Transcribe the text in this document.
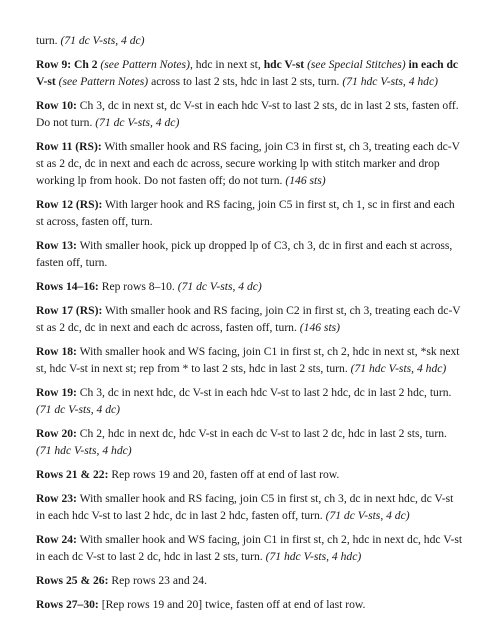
turn. (71 dc V-sts, 4 dc)

Row 9: Ch 2 (see Pattern Notes), hdc in next st, hdc V-st (see Special Stitches) in each dc V-st (see Pattern Notes) across to last 2 sts, hdc in last 2 sts, turn. (71 hdc V-sts, 4 hdc)

Row 10: Ch 3, dc in next st, dc V-st in each hdc V-st to last 2 sts, dc in last 2 sts, fasten off. Do not turn. (71 dc V-sts, 4 dc)

Row 11 (RS): With smaller hook and RS facing, join C3 in first st, ch 3, treating each dc-V st as 2 dc, dc in next and each dc across, secure working lp with stitch marker and drop working lp from hook. Do not fasten off; do not turn. (146 sts)

Row 12 (RS): With larger hook and RS facing, join C5 in first st, ch 1, sc in first and each st across, fasten off, turn.

Row 13: With smaller hook, pick up dropped lp of C3, ch 3, dc in first and each st across, fasten off, turn.

Rows 14–16: Rep rows 8–10. (71 dc V-sts, 4 dc)

Row 17 (RS): With smaller hook and RS facing, join C2 in first st, ch 3, treating each dc-V st as 2 dc, dc in next and each dc across, fasten off, turn. (146 sts)

Row 18: With smaller hook and WS facing, join C1 in first st, ch 2, hdc in next st, *sk next st, hdc V-st in next st; rep from * to last 2 sts, hdc in last 2 sts, turn. (71 hdc V-sts, 4 hdc)

Row 19: Ch 3, dc in next hdc, dc V-st in each hdc V-st to last 2 hdc, dc in last 2 hdc, turn. (71 dc V-sts, 4 dc)

Row 20: Ch 2, hdc in next dc, hdc V-st in each dc V-st to last 2 dc, hdc in last 2 sts, turn. (71 hdc V-sts, 4 hdc)

Rows 21 & 22: Rep rows 19 and 20, fasten off at end of last row.

Row 23: With smaller hook and RS facing, join C5 in first st, ch 3, dc in next hdc, dc V-st in each hdc V-st to last 2 hdc, dc in last 2 hdc, fasten off, turn. (71 dc V-sts, 4 dc)

Row 24: With smaller hook and WS facing, join C1 in first st, ch 2, hdc in next dc, hdc V-st in each dc V-st to last 2 dc, hdc in last 2 sts, turn. (71 hdc V-sts, 4 hdc)

Rows 25 & 26: Rep rows 23 and 24.

Rows 27–30: [Rep rows 19 and 20] twice, fasten off at end of last row.
